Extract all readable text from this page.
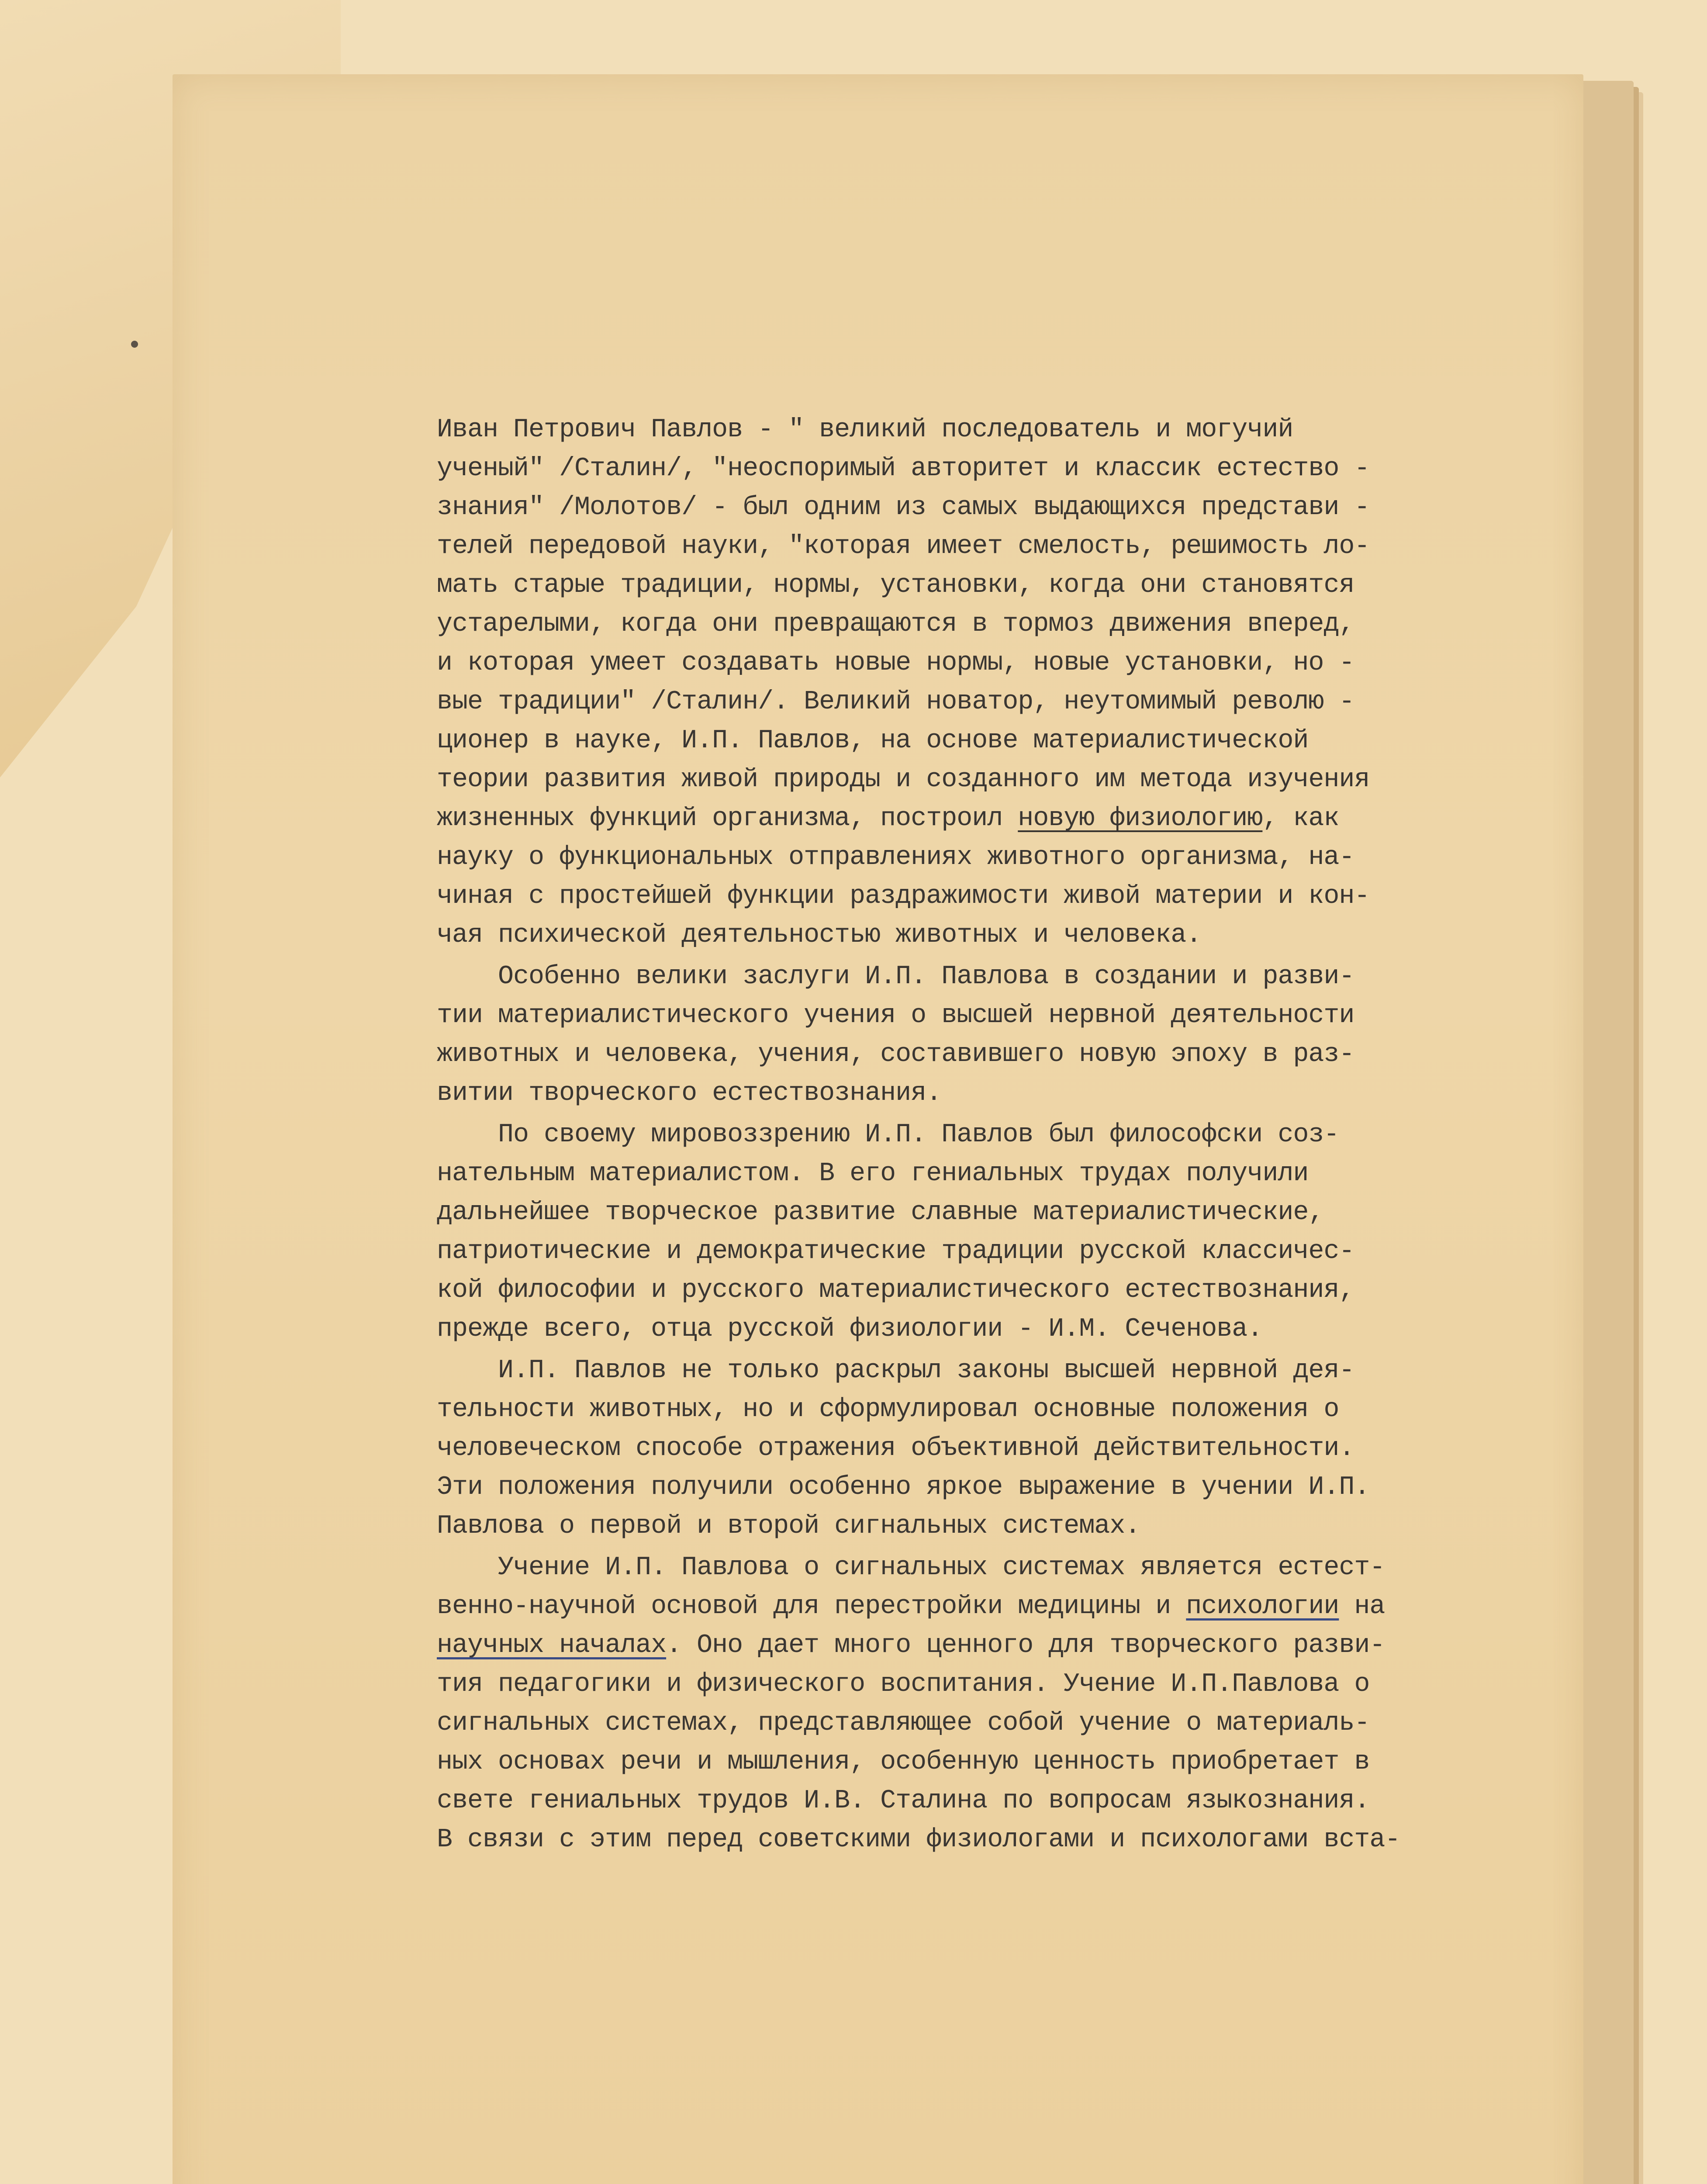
Иван Петрович Павлов - " великий последователь и могучий
ученый" /Сталин/, "неоспоримый авторитет и классик естество -
знания" /Молотов/ - был одним из самых выдающихся представи -
телей передовой науки, "которая имеет смелость, решимость ло-
мать старые традиции, нормы, установки, когда они становятся
устарелыми, когда они превращаются в тормоз движения вперед,
и которая умеет создавать новые нормы, новые установки, но -
вые традиции" /Сталин/. Великий новатор, неутомимый револю -
ционер в науке, И.П. Павлов, на основе материалистической
теории развития живой природы и созданного им метода изучения
жизненных функций организма, построил новую физиологию, как
науку о функциональных отправлениях животного организма, на-
чиная с простейшей функции раздражимости живой материи и кон-
чая психической деятельностью животных и человека.
Особенно велики заслуги И.П. Павлова в создании и разви-
тии материалистического учения о высшей нервной деятельности
животных и человека, учения, составившего новую эпоху в раз-
витии творческого естествознания.
По своему мировоззрению И.П. Павлов был философски соз-
нательным материалистом. В его гениальных трудах получили
дальнейшее творческое развитие славные материалистические,
патриотические и демократические традиции русской классичес-
кой философии и русского материалистического естествознания,
прежде всего, отца русской физиологии - И.М. Сеченова.
И.П. Павлов не только раскрыл законы высшей нервной дея-
тельности животных, но и сформулировал основные положения о
человеческом способе отражения объективной действительности.
Эти положения получили особенно яркое выражение в учении И.П.
Павлова о первой и второй сигнальных системах.
Учение И.П. Павлова о сигнальных системах является естест-
венно-научной основой для перестройки медицины и психологии на
научных началах. Оно дает много ценного для творческого разви-
тия педагогики и физического воспитания. Учение И.П.Павлова о
сигнальных системах, представляющее собой учение о материаль-
ных основах речи и мышления, особенную ценность приобретает в
свете гениальных трудов И.В. Сталина по вопросам языкознания.
В связи с этим перед советскими физиологами и психологами вста-
